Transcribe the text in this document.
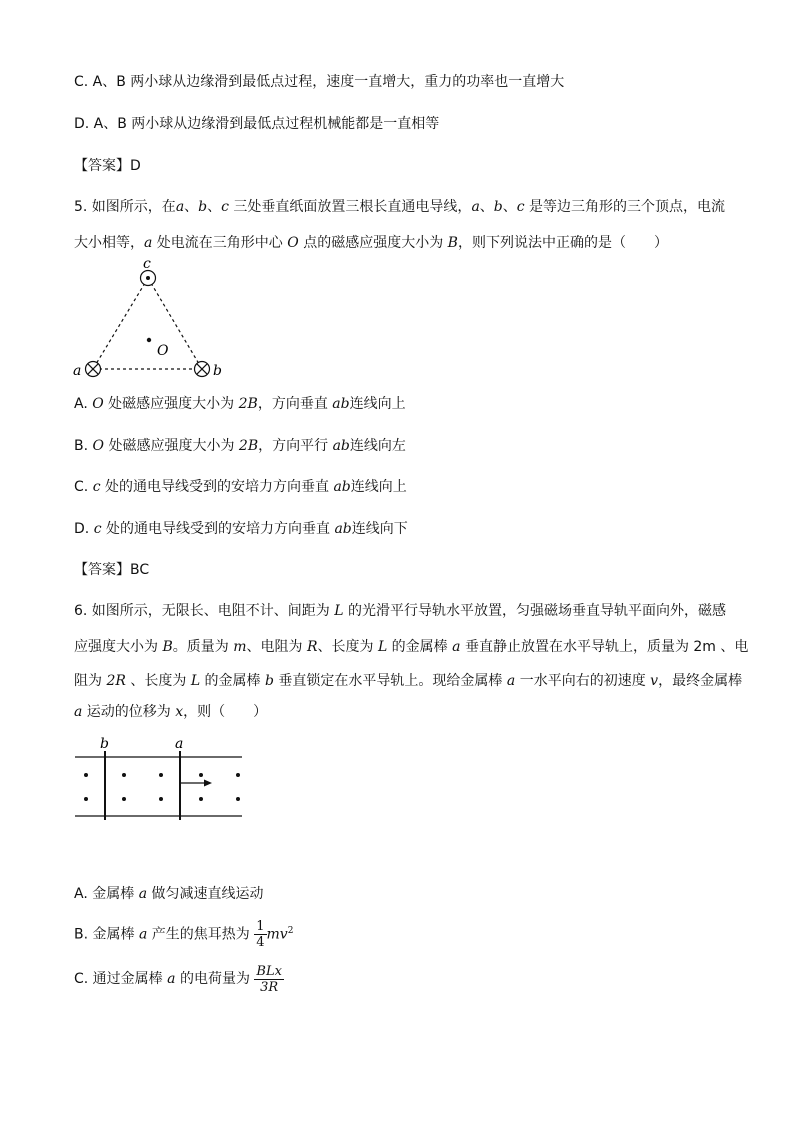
C. A、B 两小球从边缘滑到最低点过程，速度一直增大，重力的功率也一直增大
D. A、B 两小球从边缘滑到最低点过程机械能都是一直相等
【答案】D
5. 如图所示，在a、b、c 三处垂直纸面放置三根长直通电导线，a、b、c 是等边三角形的三个顶点，电流
大小相等，a 处电流在三角形中心 O 点的磁感应强度大小为 B，则下列说法中正确的是（　　）
c
a	b
O
A. O 处磁感应强度大小为 2B，方向垂直 ab连线向上
B. O 处磁感应强度大小为 2B，方向平行 ab连线向左
C. c 处的通电导线受到的安培力方向垂直 ab连线向上
D. c 处的通电导线受到的安培力方向垂直 ab连线向下
【答案】BC
6. 如图所示，无限长、电阻不计、间距为 L 的光滑平行导轨水平放置，匀强磁场垂直导轨平面向外，磁感
应强度大小为 B。质量为 m、电阻为 R、长度为 L 的金属棒 a 垂直静止放置在水平导轨上，质量为 2m 、电
阻为 2R 、长度为 L 的金属棒 b 垂直锁定在水平导轨上。现给金属棒 a 一水平向右的初速度 v，最终金属棒
a 运动的位移为 x，则（　　）
b	a
A. 金属棒 a 做匀减速直线运动
B. 金属棒 a 产生的焦耳热为 $\frac{1}{4} mv^2$
C. 通过金属棒 a 的电荷量为 $\frac{\text{BLx}}{3R}$
